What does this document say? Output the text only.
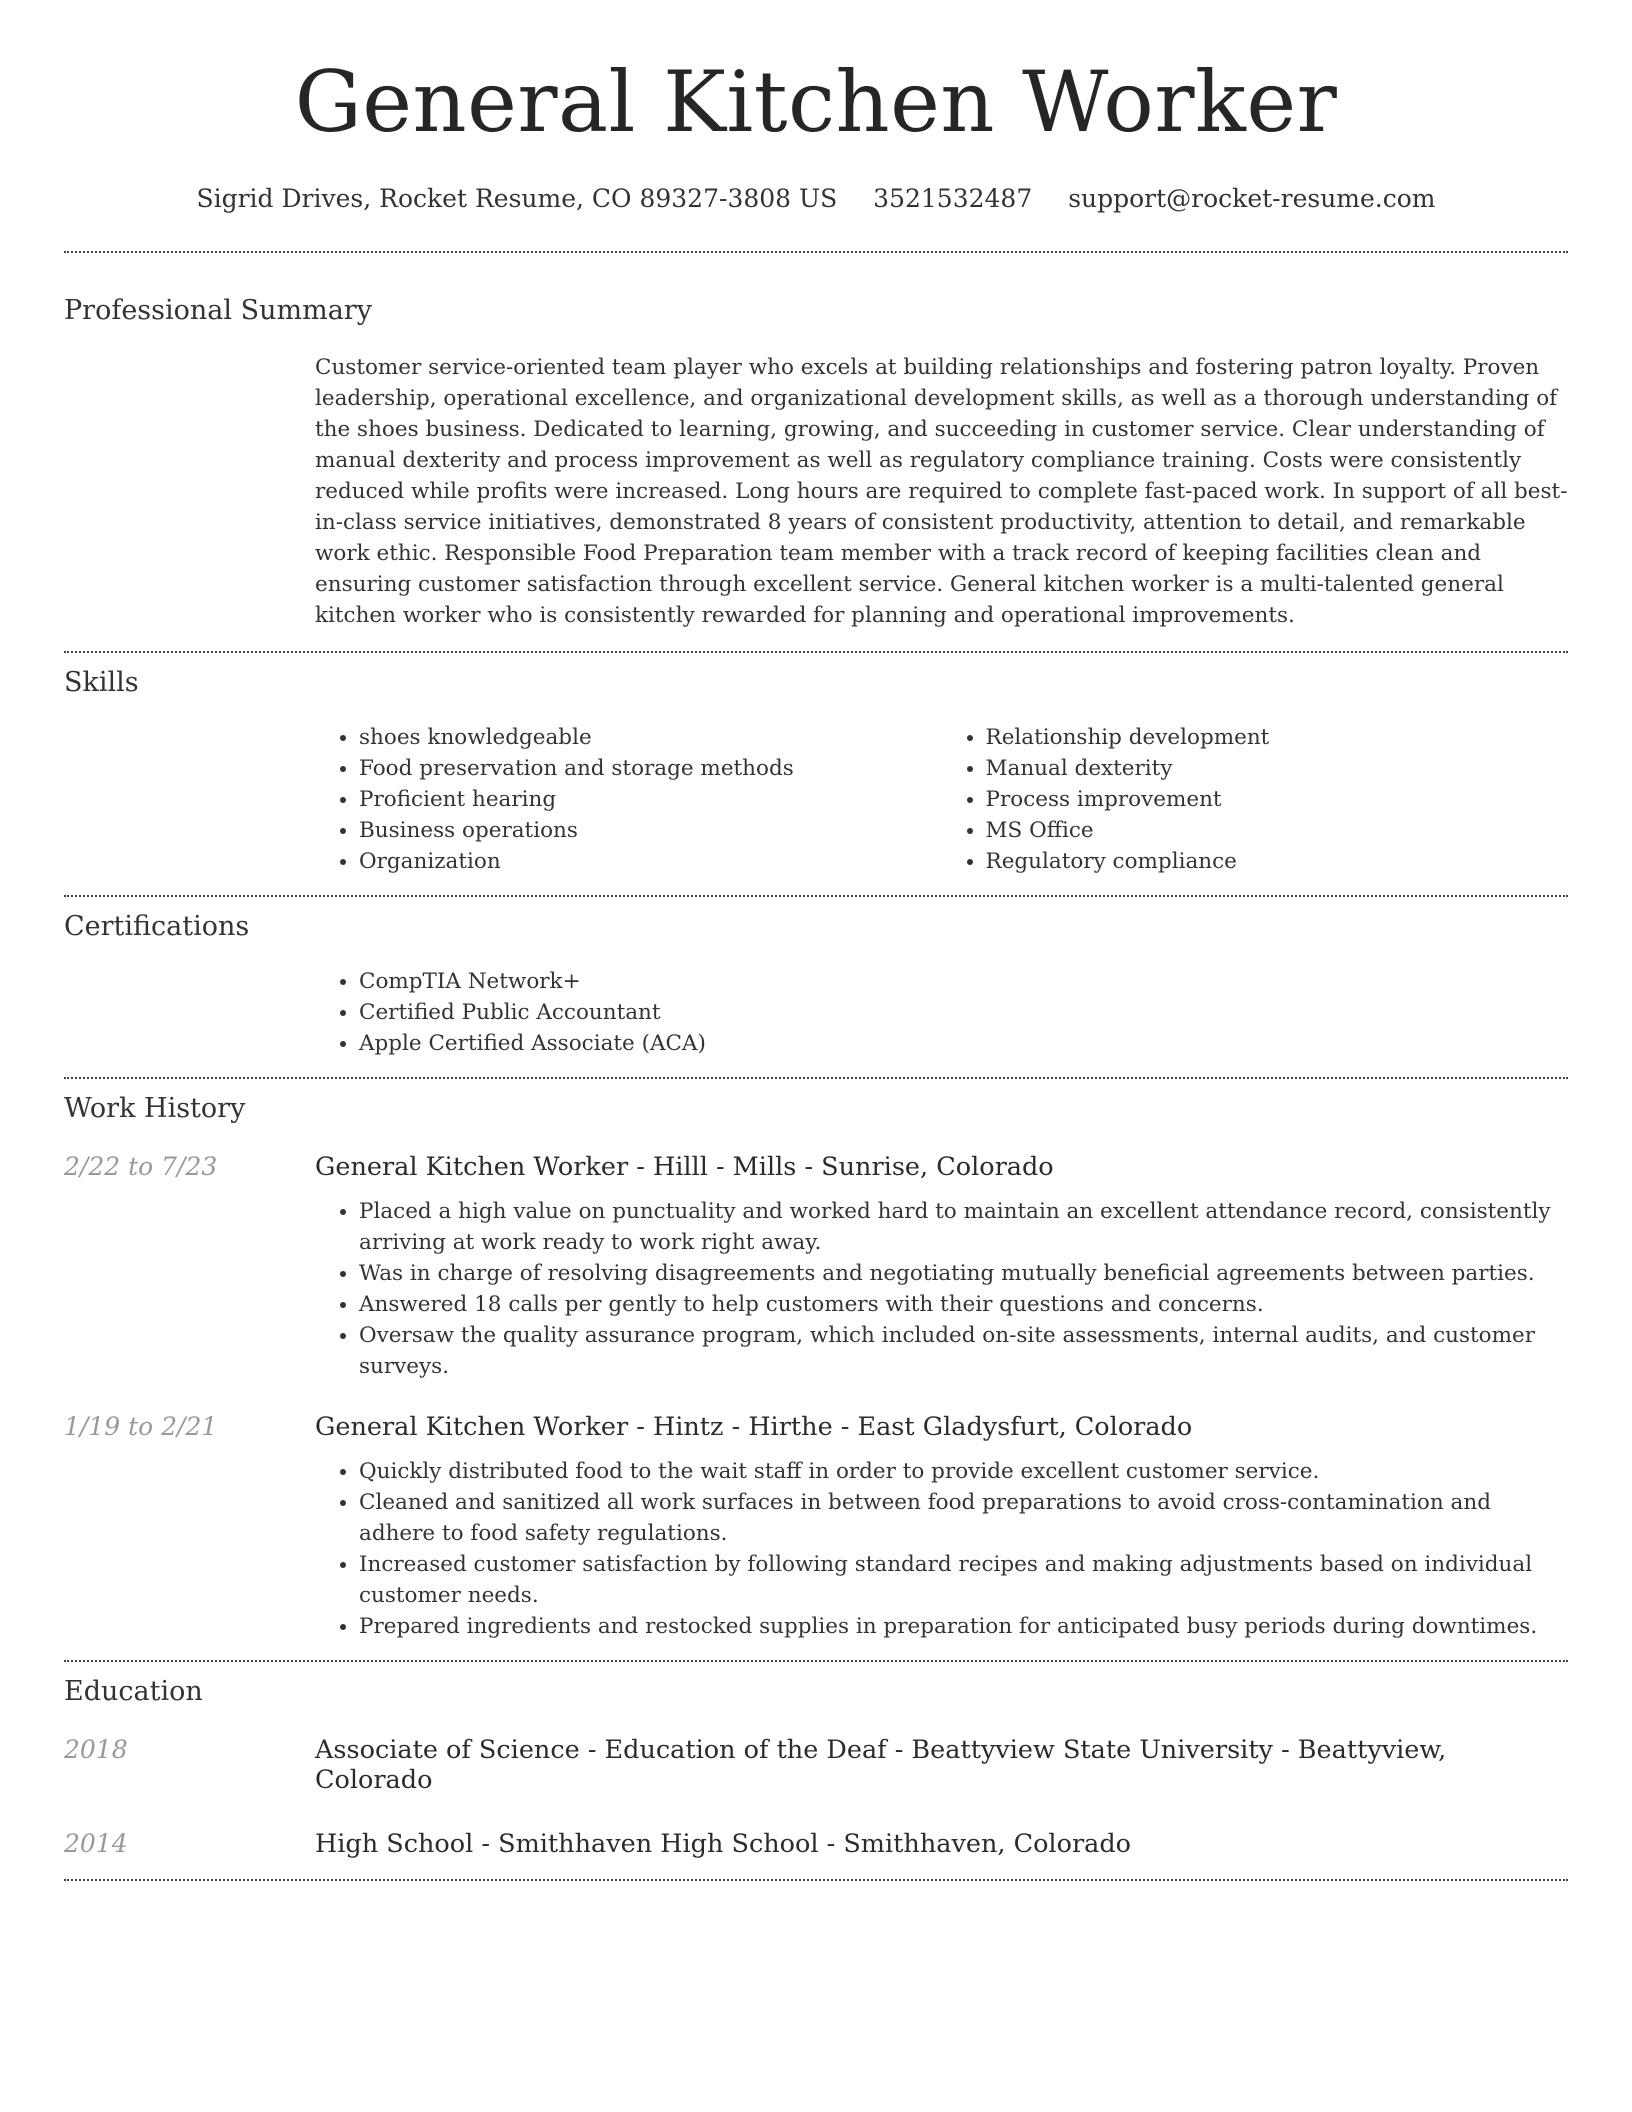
General Kitchen Worker
Sigrid Drives, Rocket Resume, CO 89327-3808 US 3521532487 support@rocket-resume.com
Professional Summary
Customer service-oriented team player who excels at building relationships and fostering patron loyalty. Proven leadership, operational excellence, and organizational development skills, as well as a thorough understanding of the shoes business. Dedicated to learning, growing, and succeeding in customer service. Clear understanding of manual dexterity and process improvement as well as regulatory compliance training. Costs were consistently reduced while profits were increased. Long hours are required to complete fast-paced work. In support of all best-in-class service initiatives, demonstrated 8 years of consistent productivity, attention to detail, and remarkable work ethic. Responsible Food Preparation team member with a track record of keeping facilities clean and ensuring customer satisfaction through excellent service. General kitchen worker is a multi-talented general kitchen worker who is consistently rewarded for planning and operational improvements.
Skills
• shoes knowledgeable
• Food preservation and storage methods
• Proficient hearing
• Business operations
• Organization
• Relationship development
• Manual dexterity
• Process improvement
• MS Office
• Regulatory compliance
Certifications
• CompTIA Network+
• Certified Public Accountant
• Apple Certified Associate (ACA)
Work History
2/22 to 7/23	General Kitchen Worker - Hilll - Mills - Sunrise, Colorado
• Placed a high value on punctuality and worked hard to maintain an excellent attendance record, consistently arriving at work ready to work right away.
• Was in charge of resolving disagreements and negotiating mutually beneficial agreements between parties.
• Answered 18 calls per gently to help customers with their questions and concerns.
• Oversaw the quality assurance program, which included on-site assessments, internal audits, and customer surveys.
1/19 to 2/21	General Kitchen Worker - Hintz - Hirthe - East Gladysfurt, Colorado
• Quickly distributed food to the wait staff in order to provide excellent customer service.
• Cleaned and sanitized all work surfaces in between food preparations to avoid cross-contamination and adhere to food safety regulations.
• Increased customer satisfaction by following standard recipes and making adjustments based on individual customer needs.
• Prepared ingredients and restocked supplies in preparation for anticipated busy periods during downtimes.
Education
2018	Associate of Science - Education of the Deaf - Beattyview State University - Beattyview, Colorado
2014	High School - Smithhaven High School - Smithhaven, Colorado
